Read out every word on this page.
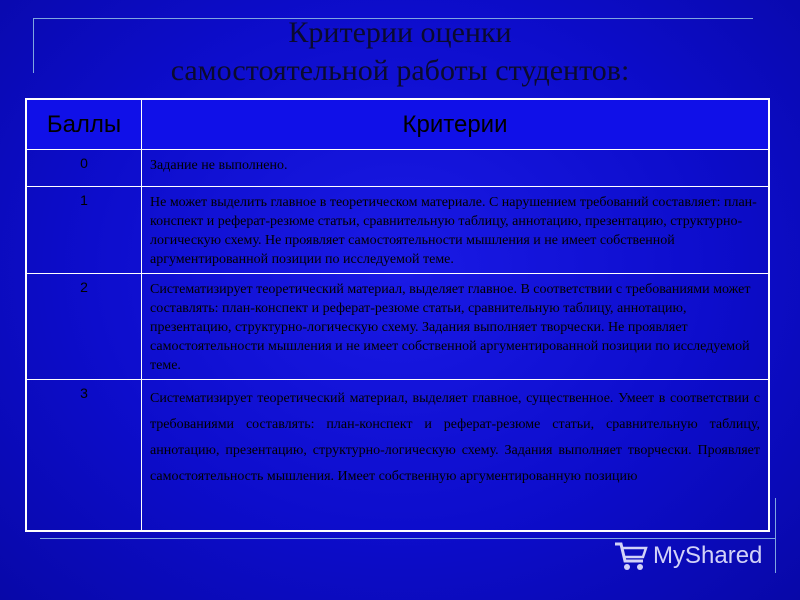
Критерии оценки
самостоятельной работы студентов:
Баллы	Критерии
0	Задание не выполнено.
1	Не может выделить главное в теоретическом материале. С нарушением требований составляет: план-конспект и реферат-резюме статьи, сравнительную таблицу, аннотацию, презентацию, структурно-логическую схему. Не проявляет самостоятельности мышления и не имеет собственной аргументированной позиции по исследуемой теме.
2	Систематизирует теоретический материал, выделяет главное. В соответствии с требованиями может составлять: план-конспект и реферат-резюме статьи, сравнительную таблицу, аннотацию, презентацию, структурно-логическую схему. Задания выполняет творчески. Не проявляет самостоятельности мышления и не имеет собственной аргументированной позиции по исследуемой теме.
3	Систематизирует теоретический материал, выделяет главное, существенное. Умеет в соответствии с требованиями составлять: план-конспект и реферат-резюме статьи, сравнительную таблицу, аннотацию, презентацию, структурно-логическую схему. Задания выполняет творчески. Проявляет самостоятельность мышления. Имеет собственную аргументированную позицию
MyShared
